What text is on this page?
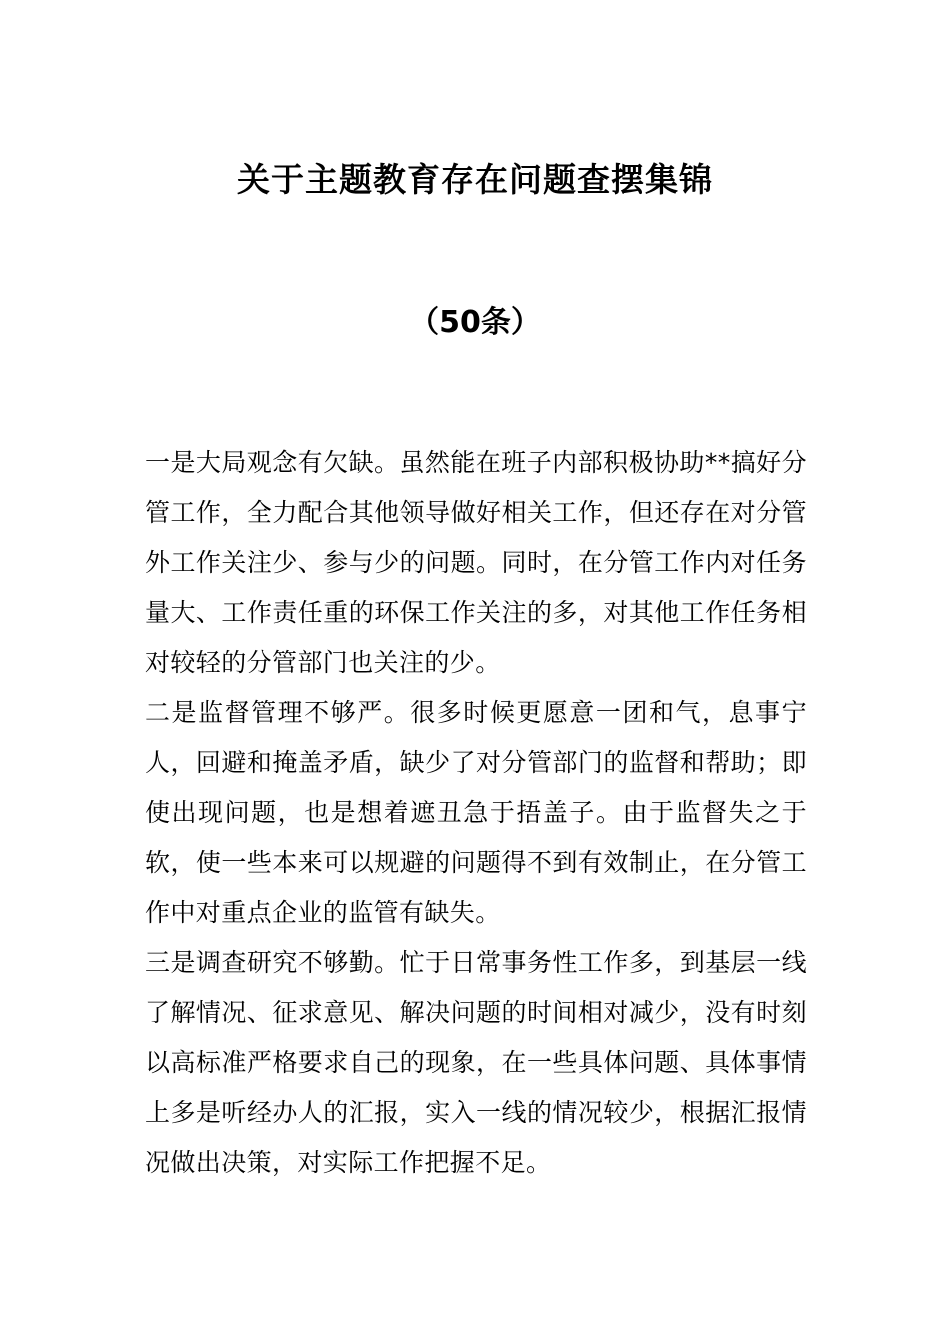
关于主题教育存在问题查摆集锦
（50条）

一是大局观念有欠缺。虽然能在班子内部积极协助**搞好分管工作，全力配合其他领导做好相关工作，但还存在对分管外工作关注少、参与少的问题。同时，在分管工作内对任务量大、工作责任重的环保工作关注的多，对其他工作任务相对较轻的分管部门也关注的少。

二是监督管理不够严。很多时候更愿意一团和气，息事宁人，回避和掩盖矛盾，缺少了对分管部门的监督和帮助；即使出现问题，也是想着遮丑急于捂盖子。由于监督失之于软，使一些本来可以规避的问题得不到有效制止，在分管工作中对重点企业的监管有缺失。

三是调查研究不够勤。忙于日常事务性工作多，到基层一线了解情况、征求意见、解决问题的时间相对减少，没有时刻以高标准严格要求自己的现象，在一些具体问题、具体事情上多是听经办人的汇报，实入一线的情况较少，根据汇报情况做出决策，对实际工作把握不足。
